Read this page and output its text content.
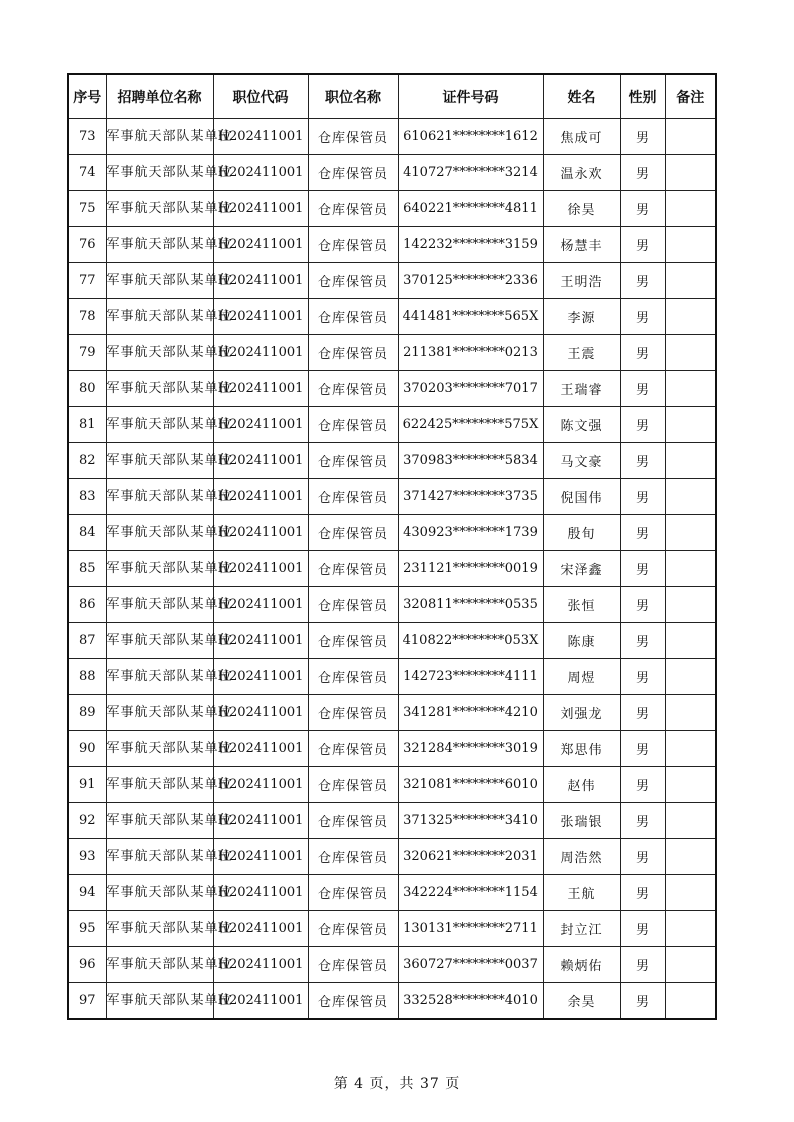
序号	招聘单位名称	职位代码	职位名称	证件号码	姓名	性别	备注
73	军事航天部队某单位	H202411001	仓库保管员	610621********1612	焦成可	男	
74	军事航天部队某单位	H202411001	仓库保管员	410727********3214	温永欢	男	
75	军事航天部队某单位	H202411001	仓库保管员	640221********4811	徐昊	男	
76	军事航天部队某单位	H202411001	仓库保管员	142232********3159	杨慧丰	男	
77	军事航天部队某单位	H202411001	仓库保管员	370125********2336	王明浩	男	
78	军事航天部队某单位	H202411001	仓库保管员	441481********565X	李源	男	
79	军事航天部队某单位	H202411001	仓库保管员	211381********0213	王震	男	
80	军事航天部队某单位	H202411001	仓库保管员	370203********7017	王瑞睿	男	
81	军事航天部队某单位	H202411001	仓库保管员	622425********575X	陈文强	男	
82	军事航天部队某单位	H202411001	仓库保管员	370983********5834	马文豪	男	
83	军事航天部队某单位	H202411001	仓库保管员	371427********3735	倪国伟	男	
84	军事航天部队某单位	H202411001	仓库保管员	430923********1739	殷旬	男	
85	军事航天部队某单位	H202411001	仓库保管员	231121********0019	宋泽鑫	男	
86	军事航天部队某单位	H202411001	仓库保管员	320811********0535	张恒	男	
87	军事航天部队某单位	H202411001	仓库保管员	410822********053X	陈康	男	
88	军事航天部队某单位	H202411001	仓库保管员	142723********4111	周煜	男	
89	军事航天部队某单位	H202411001	仓库保管员	341281********4210	刘强龙	男	
90	军事航天部队某单位	H202411001	仓库保管员	321284********3019	郑思伟	男	
91	军事航天部队某单位	H202411001	仓库保管员	321081********6010	赵伟	男	
92	军事航天部队某单位	H202411001	仓库保管员	371325********3410	张瑞银	男	
93	军事航天部队某单位	H202411001	仓库保管员	320621********2031	周浩然	男	
94	军事航天部队某单位	H202411001	仓库保管员	342224********1154	王航	男	
95	军事航天部队某单位	H202411001	仓库保管员	130131********2711	封立江	男	
96	军事航天部队某单位	H202411001	仓库保管员	360727********0037	赖炳佑	男	
97	军事航天部队某单位	H202411001	仓库保管员	332528********4010	余昊	男	
第 4 页，共 37 页
